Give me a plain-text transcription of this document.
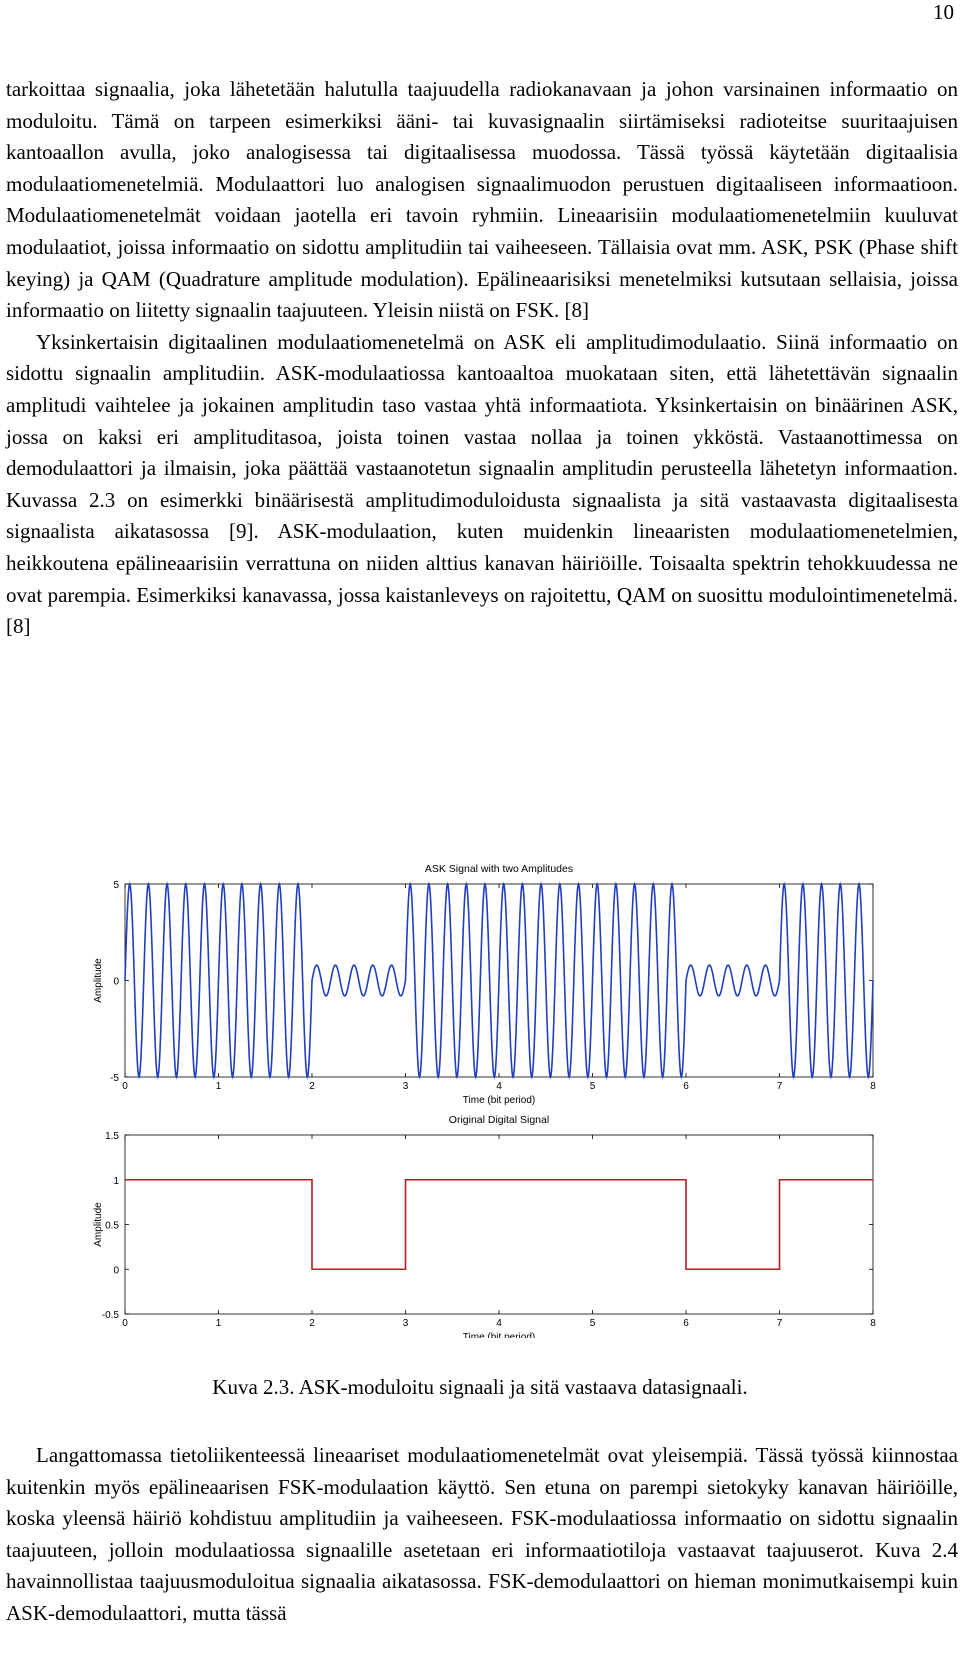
10

tarkoittaa signaalia, joka lähetetään halutulla taajuudella radiokanavaan ja johon varsinainen informaatio on moduloitu. Tämä on tarpeen esimerkiksi ääni- tai kuvasignaalin siirtämiseksi radioteitse suuritaajuisen kantoaallon avulla, joko analogisessa tai digitaalisessa muodossa. Tässä työssä käytetään digitaalisia modulaatiomenetelmiä. Modulaattori luo analogisen signaalimuodon perustuen digitaaliseen informaatioon. Modulaatiomenetelmät voidaan jaotella eri tavoin ryhmiin. Lineaarisiin modulaatiomenetelmiin kuuluvat modulaatiot, joissa informaatio on sidottu amplitudiin tai vaiheeseen. Tällaisia ovat mm. ASK, PSK (Phase shift keying) ja QAM (Quadrature amplitude modulation). Epälineaarisiksi menetelmiksi kutsutaan sellaisia, joissa informaatio on liitetty signaalin taajuuteen. Yleisin niistä on FSK. [8]

Yksinkertaisin digitaalinen modulaatiomenetelmä on ASK eli amplitudimodulaatio. Siinä informaatio on sidottu signaalin amplitudiin. ASK-modulaatiossa kantoaaltoa muokataan siten, että lähetettävän signaalin amplitudi vaihtelee ja jokainen amplitudin taso vastaa yhtä informaatiota. Yksinkertaisin on binäärinen ASK, jossa on kaksi eri amplituditasoa, joista toinen vastaa nollaa ja toinen ykköstä. Vastaanottimessa on demodulaattori ja ilmaisin, joka päättää vastaanotetun signaalin amplitudin perusteella lähetetyn informaation. Kuvassa 2.3 on esimerkki binäärisestä amplitudimoduloidusta signaalista ja sitä vastaavasta digitaalisesta signaalista aikatasossa [9]. ASK-modulaation, kuten muidenkin lineaaristen modulaatiomenetelmien, heikkoutena epälineaarisiin verrattuna on niiden alttius kanavan häiriöille. Toisaalta spektrin tehokkuudessa ne ovat parempia. Esimerkiksi kanavassa, jossa kaistanleveys on rajoitettu, QAM on suosittu modulointimenetelmä. [8]

ASK Signal with two Amplitudes
0	1	2	3	4	5	6	7	8
-5
0
5
Time (bit period)
Amplitude
Original Digital Signal
0	1	2	3	4	5	6	7	8
-0.5
0
0.5
1
1.5
Time (bit period)
Amplitude
Kuva 2.3. ASK-moduloitu signaali ja sitä vastaava datasignaali.

Langattomassa tietoliikenteessä lineaariset modulaatiomenetelmät ovat yleisempiä. Tässä työssä kiinnostaa kuitenkin myös epälineaarisen FSK-modulaation käyttö. Sen etuna on parempi sietokyky kanavan häiriöille, koska yleensä häiriö kohdistuu amplitudiin ja vaiheeseen. FSK-modulaatiossa informaatio on sidottu signaalin taajuuteen, jolloin modulaatiossa signaalille asetetaan eri informaatiotiloja vastaavat taajuuserot. Kuva 2.4 havainnollistaa taajuusmoduloitua signaalia aikatasossa. FSK-demodulaattori on hieman monimutkaisempi kuin ASK-demodulaattori, mutta tässä
